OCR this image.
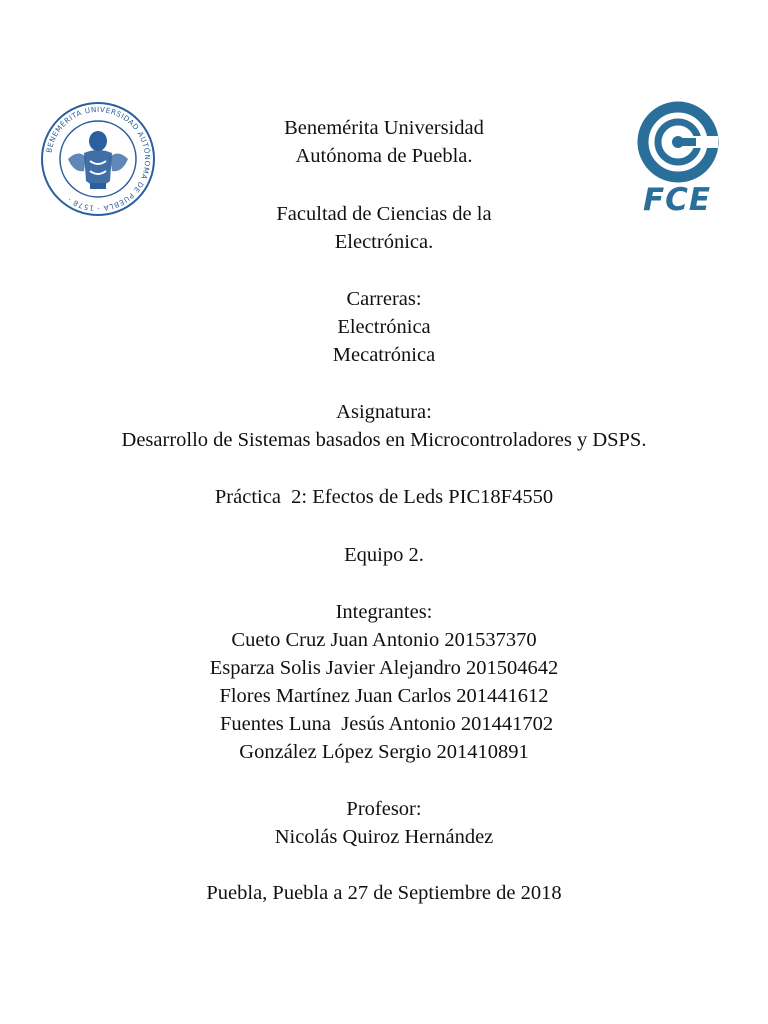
BENEMÉRITA UNIVERSIDAD AUTÓNOMA DE PUEBLA · 1578 ·	FCE
Benemérita Universidad
Autónoma de Puebla.
Facultad de Ciencias de la
Electrónica.
Carreras:
Electrónica
Mecatrónica
Asignatura:
Desarrollo de Sistemas basados en Microcontroladores y DSPS.
Práctica  2: Efectos de Leds PIC18F4550
Equipo 2.
Integrantes:
Cueto Cruz Juan Antonio 201537370
Esparza Solis Javier Alejandro 201504642
Flores Martínez Juan Carlos 201441612
Fuentes Luna  Jesús Antonio 201441702
González López Sergio 201410891
Profesor:
Nicolás Quiroz Hernández
Puebla, Puebla a 27 de Septiembre de 2018
